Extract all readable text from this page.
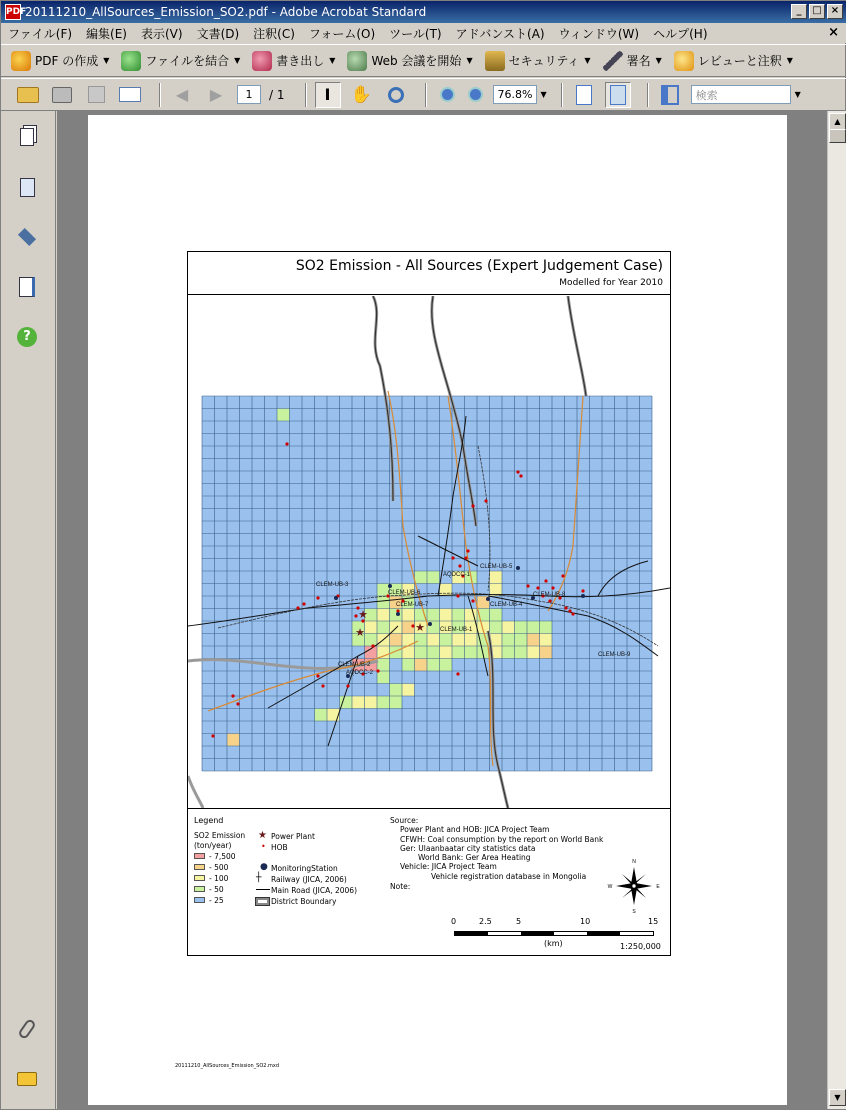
PDF
20111210_AllSources_Emission_SO2.pdf - Adobe Acrobat Standard	_	□ ×
ファイル(F)	編集(E)	表示(V)	文書(D)	注釈(C)	フォーム(O)	ツール(T)	アドバンスト(A)	ウィンドウ(W)	ヘルプ(H)	×
PDF の作成 ▼	ファイルを結合 ▼	書き出し ▼	Web 会議を開始 ▼	セキュリティ ▼	署名 ▼	レビューと注釈 ▼
◀ ▶	1	/ 1	I ✋	76.8%	▼	検索	▼
?
SO2 Emission - All Sources (Expert Judgement Case)
Modelled for Year 2010
★
★
★
CLEM-UB-3
CLEM-UB-5
CLEM-UB-4
CLEM-UB-6
CLEM-UB-1
CLEM-UB-7
CLEM-UB-8
CLEM-UB-9
CLEM-UB-2
AQDCC-1
AQDCC-2
Legend
SO2 Emission
(ton/year)
- 7,500
- 500
- 100
- 50
- 25
★ Power Plant
• HOB
● MonitoringStation
┼ Railway (JICA, 2006)
Main Road (JICA, 2006)
District Boundary
Source:
Power Plant and HOB: JICA Project Team
CFWH: Coal consumption by the report on World Bank
Ger: Ulaanbaatar city statistics data
World Bank: Ger Area Heating
Vehicle: JICA Project Team
Vehicle registration database in Mongolia
Note:
N
S
E
W
0	2.5	5	10	15
(km)	1:250,000
20111210_AllSources_Emission_SO2.mxd
▲
▼
